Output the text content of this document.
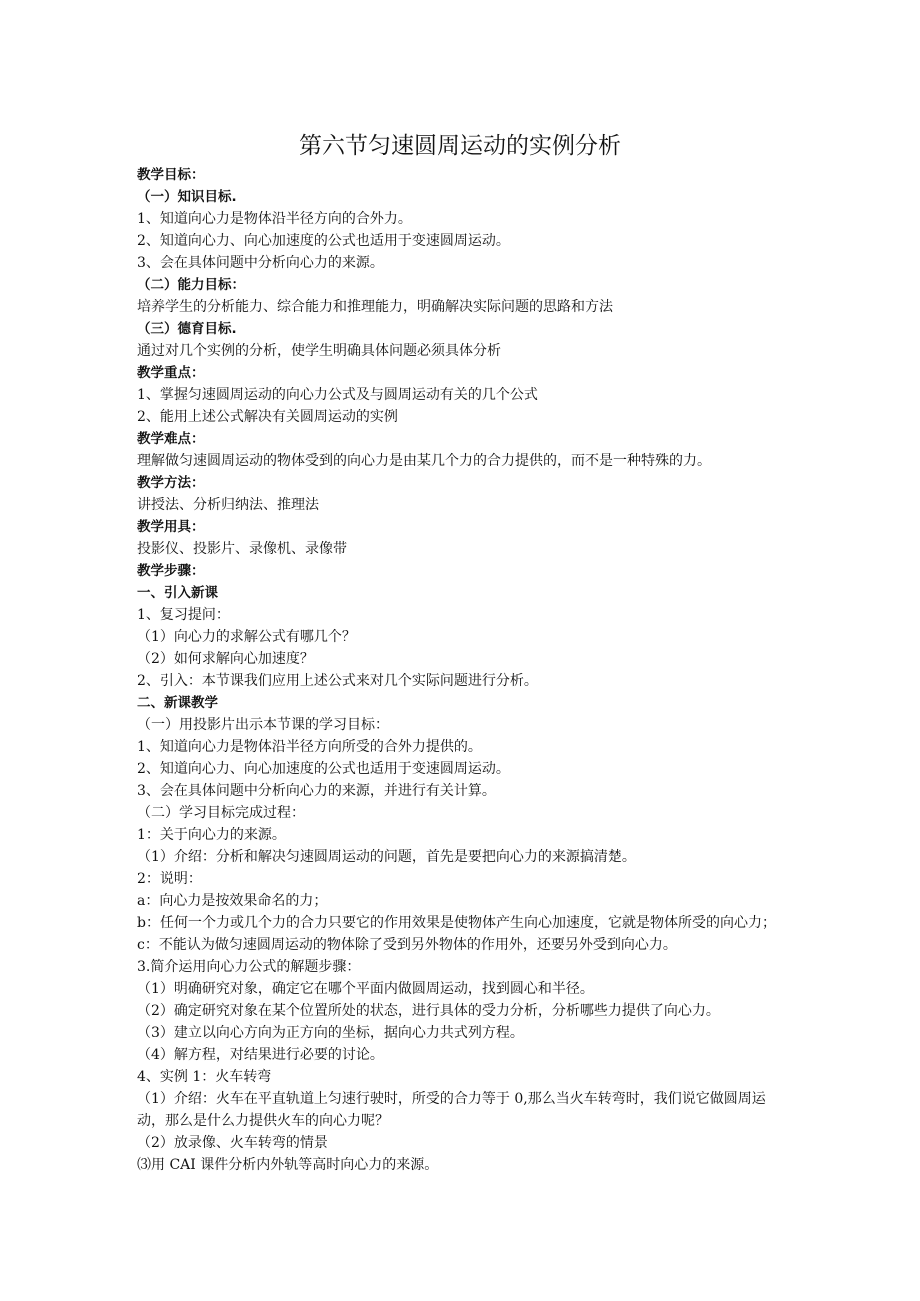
第六节匀速圆周运动的实例分析

教学目标：

（一）知识目标.

1、知道向心力是物体沿半径方向的合外力。

2、知道向心力、向心加速度的公式也适用于变速圆周运动。

3、会在具体问题中分析向心力的来源。

（二）能力目标：

培养学生的分析能力、综合能力和推理能力，明确解决实际问题的思路和方法

（三）德育目标.

通过对几个实例的分析，使学生明确具体问题必须具体分析

教学重点：

1、掌握匀速圆周运动的向心力公式及与圆周运动有关的几个公式

2、能用上述公式解决有关圆周运动的实例

教学难点：

理解做匀速圆周运动的物体受到的向心力是由某几个力的合力提供的，而不是一种特殊的力。

教学方法：

讲授法、分析归纳法、推理法

教学用具：

投影仪、投影片、录像机、录像带

教学步骤：

一、引入新课

1、复习提问：

（1）向心力的求解公式有哪几个？

（2）如何求解向心加速度？

2、引入：本节课我们应用上述公式来对几个实际问题进行分析。

二、新课教学

（一）用投影片出示本节课的学习目标：

1、知道向心力是物体沿半径方向所受的合外力提供的。

2、知道向心力、向心加速度的公式也适用于变速圆周运动。

3、会在具体问题中分析向心力的来源，并进行有关计算。

（二）学习目标完成过程：

1：关于向心力的来源。

（1）介绍：分析和解决匀速圆周运动的问题，首先是要把向心力的来源搞清楚。

2：说明：

a：向心力是按效果命名的力；

b：任何一个力或几个力的合力只要它的作用效果是使物体产生向心加速度，它就是物体所受的向心力；

c：不能认为做匀速圆周运动的物体除了受到另外物体的作用外，还要另外受到向心力。

3.简介运用向心力公式的解题步骤：

（1）明确研究对象，确定它在哪个平面内做圆周运动，找到圆心和半径。

（2）确定研究对象在某个位置所处的状态，进行具体的受力分析，分析哪些力提供了向心力。

（3）建立以向心方向为正方向的坐标，据向心力共式列方程。

（4）解方程，对结果进行必要的讨论。

4、实例 1：火车转弯

（1）介绍：火车在平直轨道上匀速行驶时，所受的合力等于 0,那么当火车转弯时，我们说它做圆周运动，那么是什么力提供火车的向心力呢？

（2）放录像、火车转弯的情景

⑶用 CAI 课件分析内外轨等高时向心力的来源。
